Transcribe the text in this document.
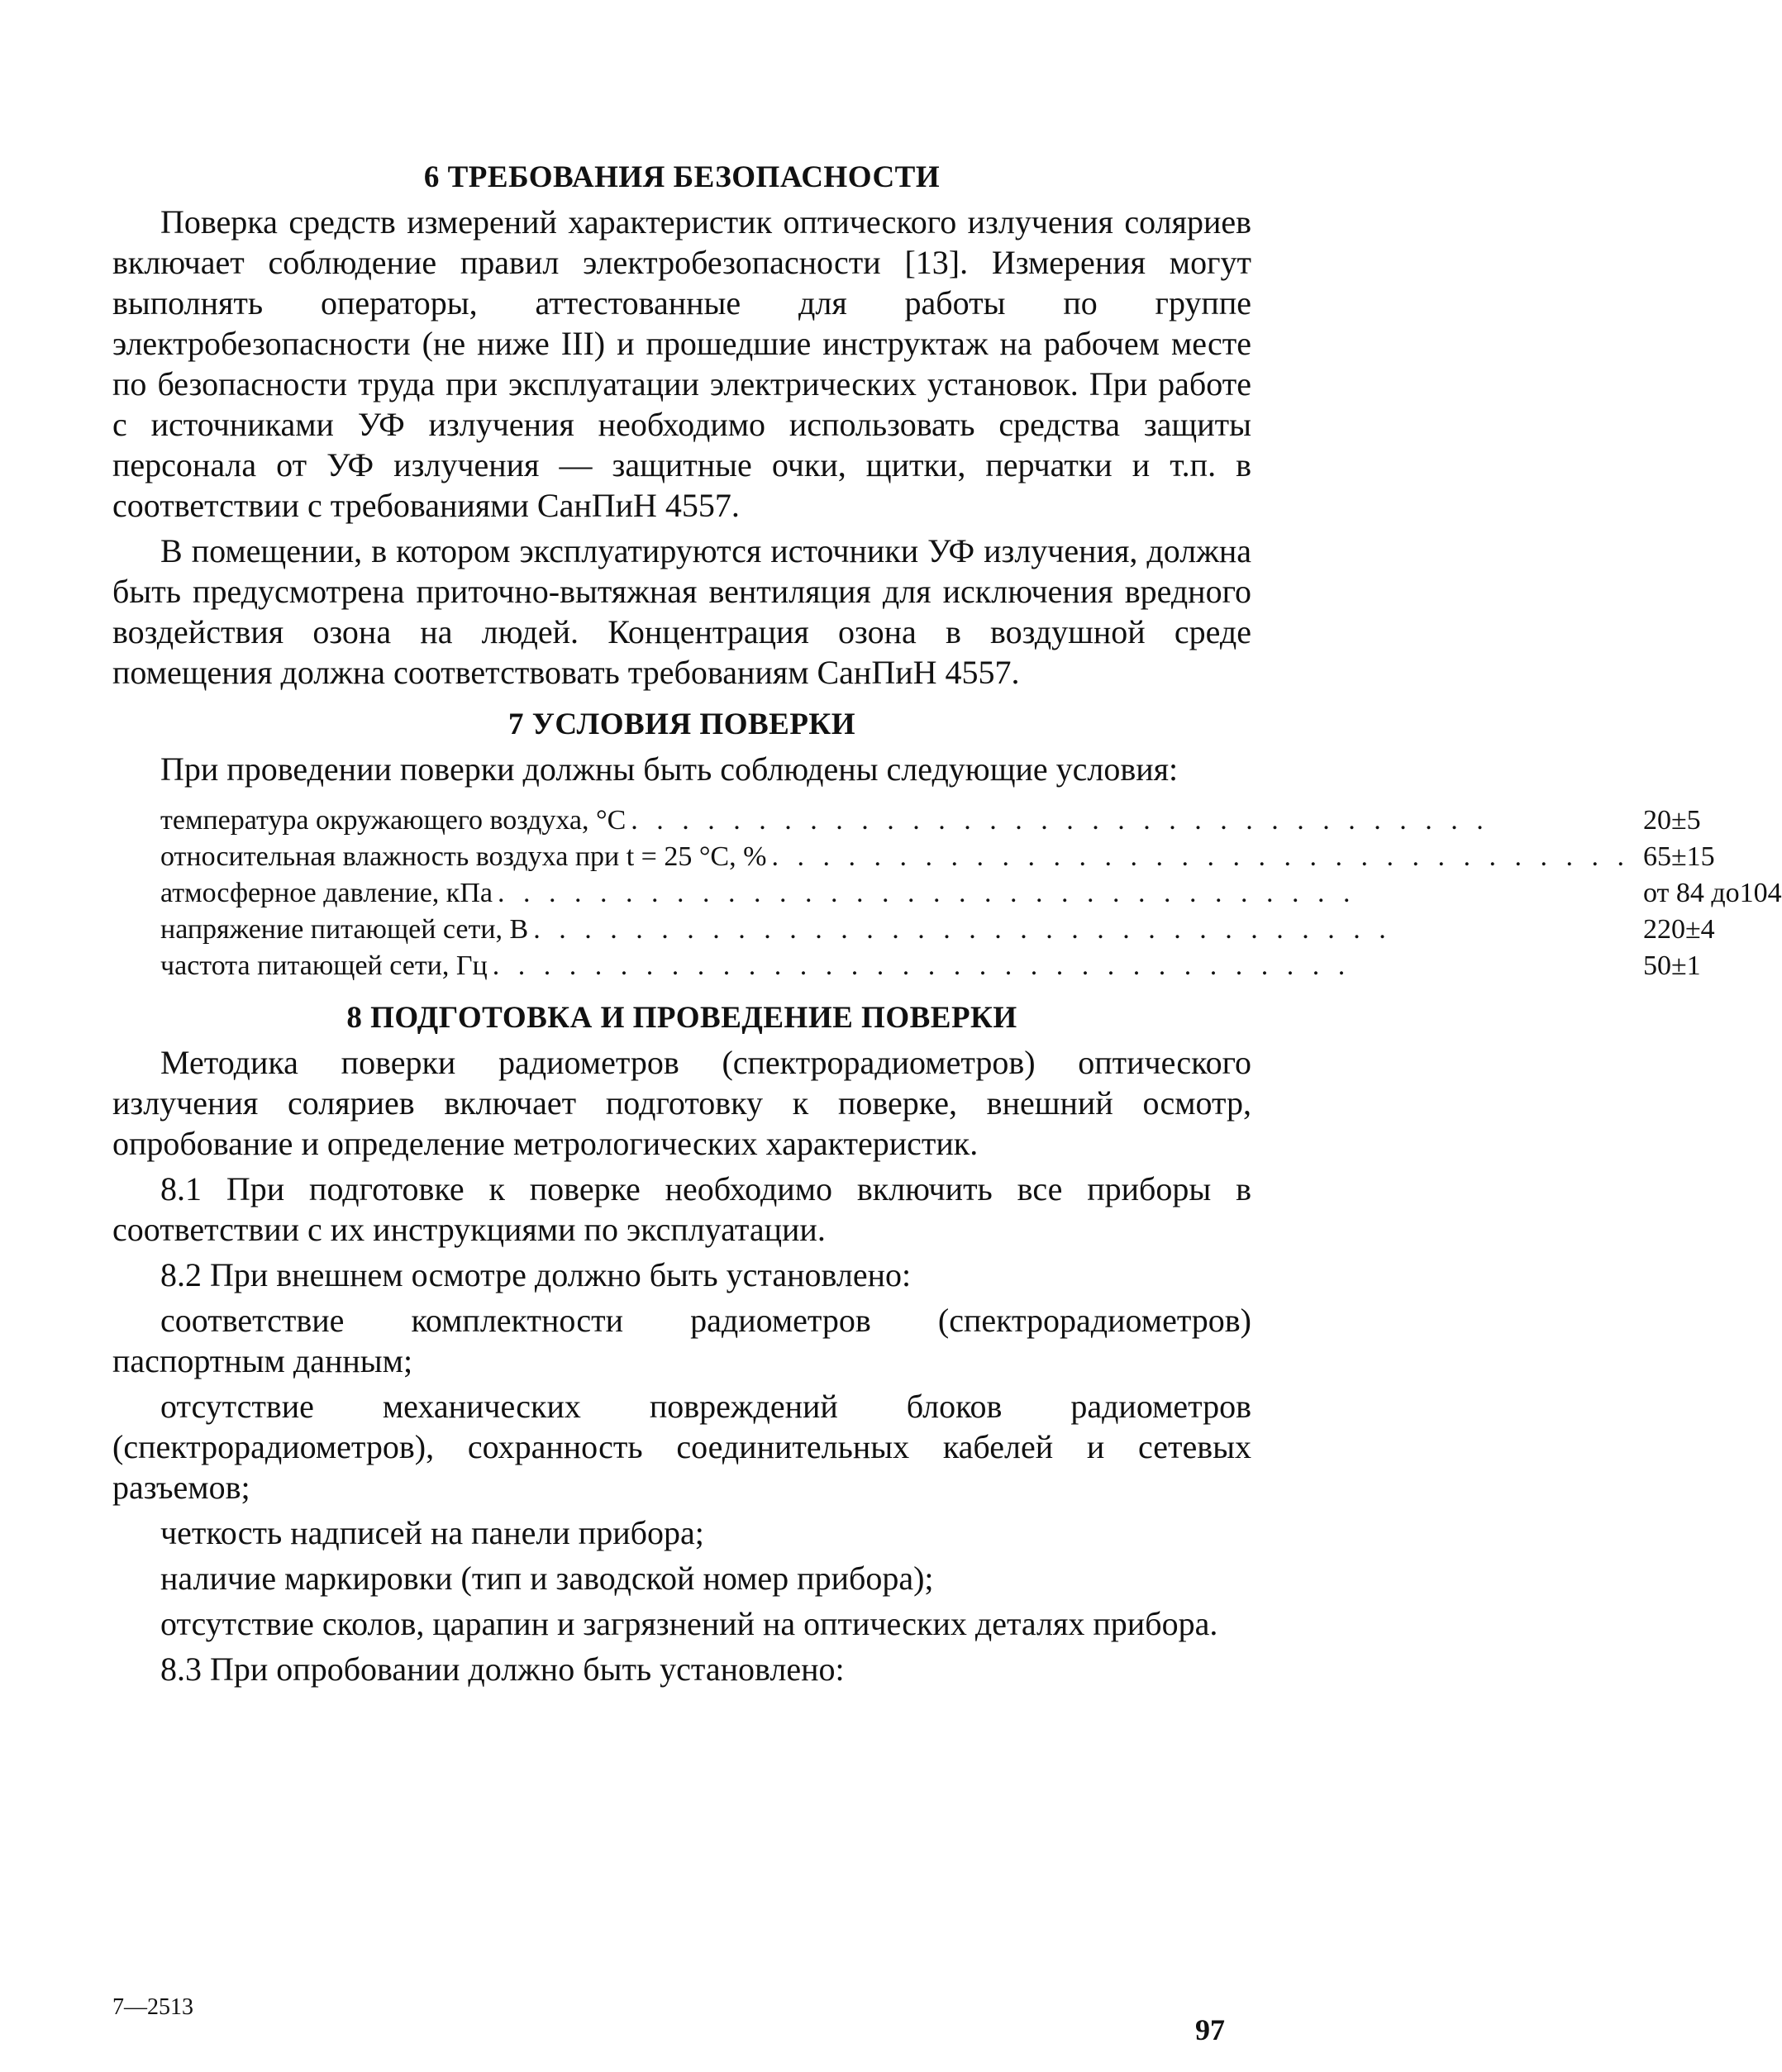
6 ТРЕБОВАНИЯ БЕЗОПАСНОСТИ

Поверка средств измерений характеристик оптического излучения соляриев включает соблюдение правил электробезопасности [13]. Измерения могут выполнять операторы, аттестованные для работы по группе электробезопасности (не ниже III) и прошедшие инструктаж на рабочем месте по безопасности труда при эксплуатации электрических установок. При работе с источниками УФ излучения необходимо использовать средства защиты персонала от УФ излучения — защитные очки, щитки, перчатки и т.п. в соответствии с требованиями СанПиН 4557.

В помещении, в котором эксплуатируются источники УФ излучения, должна быть предусмотрена приточно-вытяжная вентиляция для исключения вредного воздействия озона на людей. Концентрация озона в воздушной среде помещения должна соответствовать требованиям СанПиН 4557.

7 УСЛОВИЯ ПОВЕРКИ

При проведении поверки должны быть соблюдены следующие условия:

температура окружающего воздуха, °С . . . . . . . . . . . . . . . . . . . . . . . . . . . . . . . . . .	20±5
относительная влажность воздуха при t = 25 °С, % . . . . . . . . . . . . . . . . . . . . . . . . . . . . . . . . . .	65±15
атмосферное давление, кПа . . . . . . . . . . . . . . . . . . . . . . . . . . . . . . . . . .	от 84 до104
напряжение питающей сети, В . . . . . . . . . . . . . . . . . . . . . . . . . . . . . . . . . .	220±4
частота питающей сети, Гц . . . . . . . . . . . . . . . . . . . . . . . . . . . . . . . . . .	50±1
8 ПОДГОТОВКА И ПРОВЕДЕНИЕ ПОВЕРКИ

Методика поверки радиометров (спектрорадиометров) оптического излучения соляриев включает подготовку к поверке, внешний осмотр, опробование и определение метрологических характеристик.

8.1 При подготовке к поверке необходимо включить все приборы в соответствии с их инструкциями по эксплуатации.

8.2 При внешнем осмотре должно быть установлено:

соответствие комплектности радиометров (спектрорадиометров) паспортным данным;

отсутствие механических повреждений блоков радиометров (спектрорадиометров), сохранность соединительных кабелей и сетевых разъемов;

четкость надписей на панели прибора;

наличие маркировки (тип и заводской номер прибора);

отсутствие сколов, царапин и загрязнений на оптических деталях прибора.

8.3 При опробовании должно быть установлено:

7—2513
97
